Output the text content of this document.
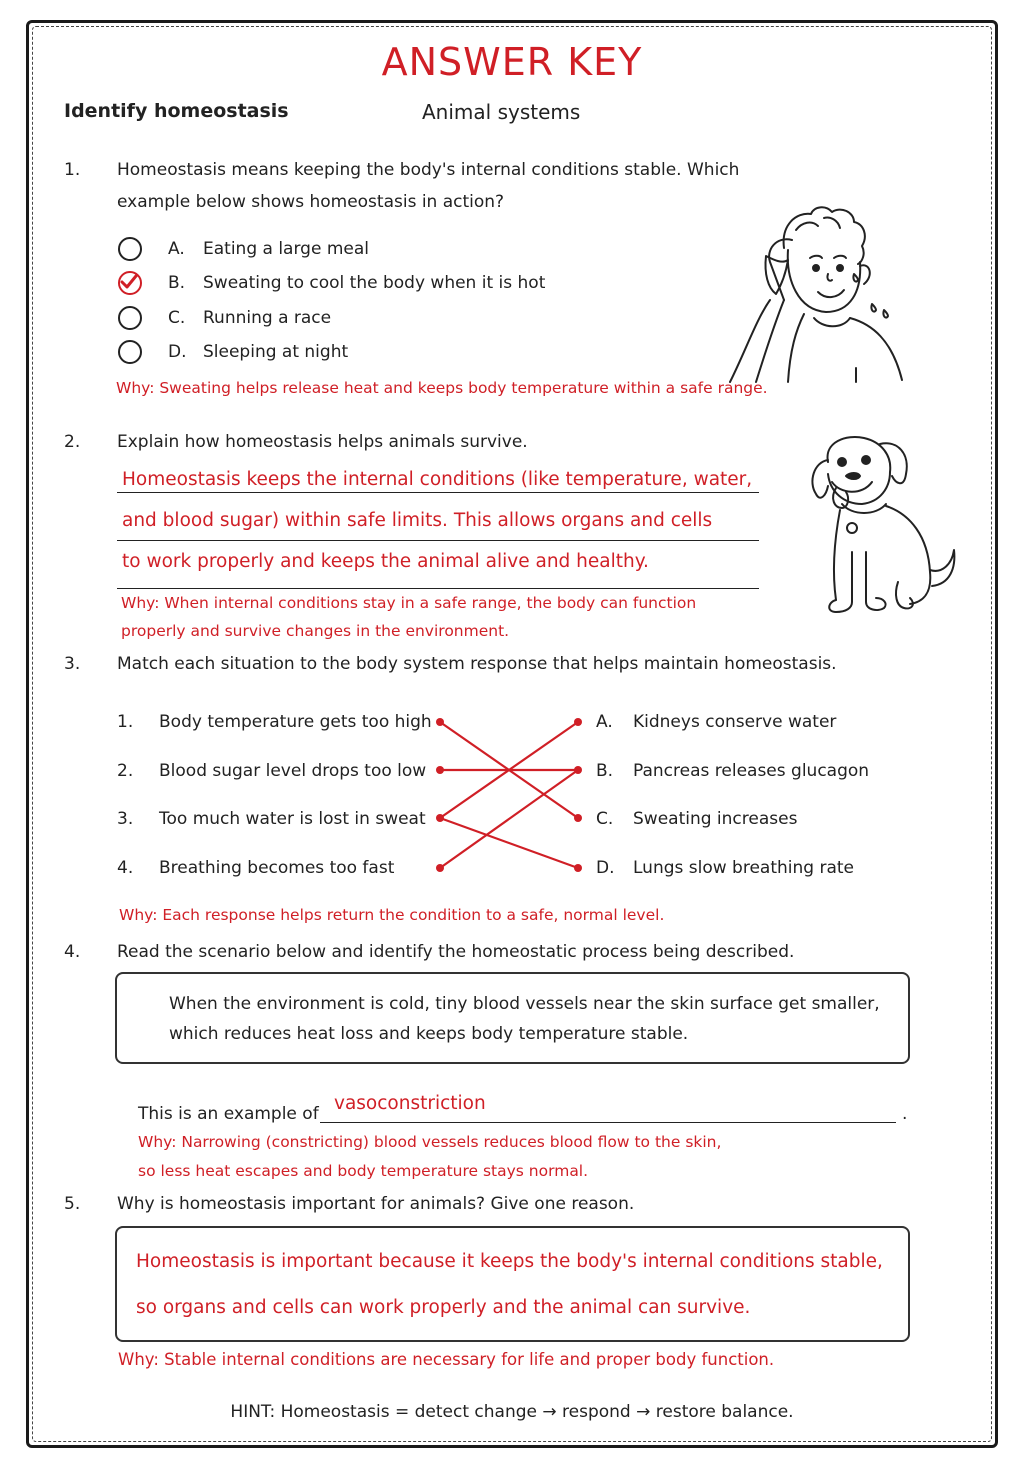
ANSWER KEY
Identify homeostasis	Animal systems
1. Homeostasis means keeping the body's internal conditions stable. Which
example below shows homeostasis in action?
A. Eating a large meal
B. Sweating to cool the body when it is hot
C. Running a race
D. Sleeping at night
Why: Sweating helps release heat and keeps body temperature within a safe range.
2. Explain how homeostasis helps animals survive.
Homeostasis keeps the internal conditions (like temperature, water,
and blood sugar) within safe limits. This allows organs and cells
to work properly and keeps the animal alive and healthy.
Why: When internal conditions stay in a safe range, the body can function
properly and survive changes in the environment.
3. Match each situation to the body system response that helps maintain homeostasis.
1. Body temperature gets too high
2. Blood sugar level drops too low
3. Too much water is lost in sweat
4. Breathing becomes too fast
A. Kidneys conserve water
B. Pancreas releases glucagon
C. Sweating increases
D. Lungs slow breathing rate
Why: Each response helps return the condition to a safe, normal level.
4. Read the scenario below and identify the homeostatic process being described.
When the environment is cold, tiny blood vessels near the skin surface get smaller,
which reduces heat loss and keeps body temperature stable.
This is an example of vasoconstriction	.
Why: Narrowing (constricting) blood vessels reduces blood flow to the skin,
so less heat escapes and body temperature stays normal.
5. Why is homeostasis important for animals? Give one reason.
Homeostasis is important because it keeps the body's internal conditions stable,
so organs and cells can work properly and the animal can survive.
Why: Stable internal conditions are necessary for life and proper body function.
HINT: Homeostasis = detect change → respond → restore balance.
